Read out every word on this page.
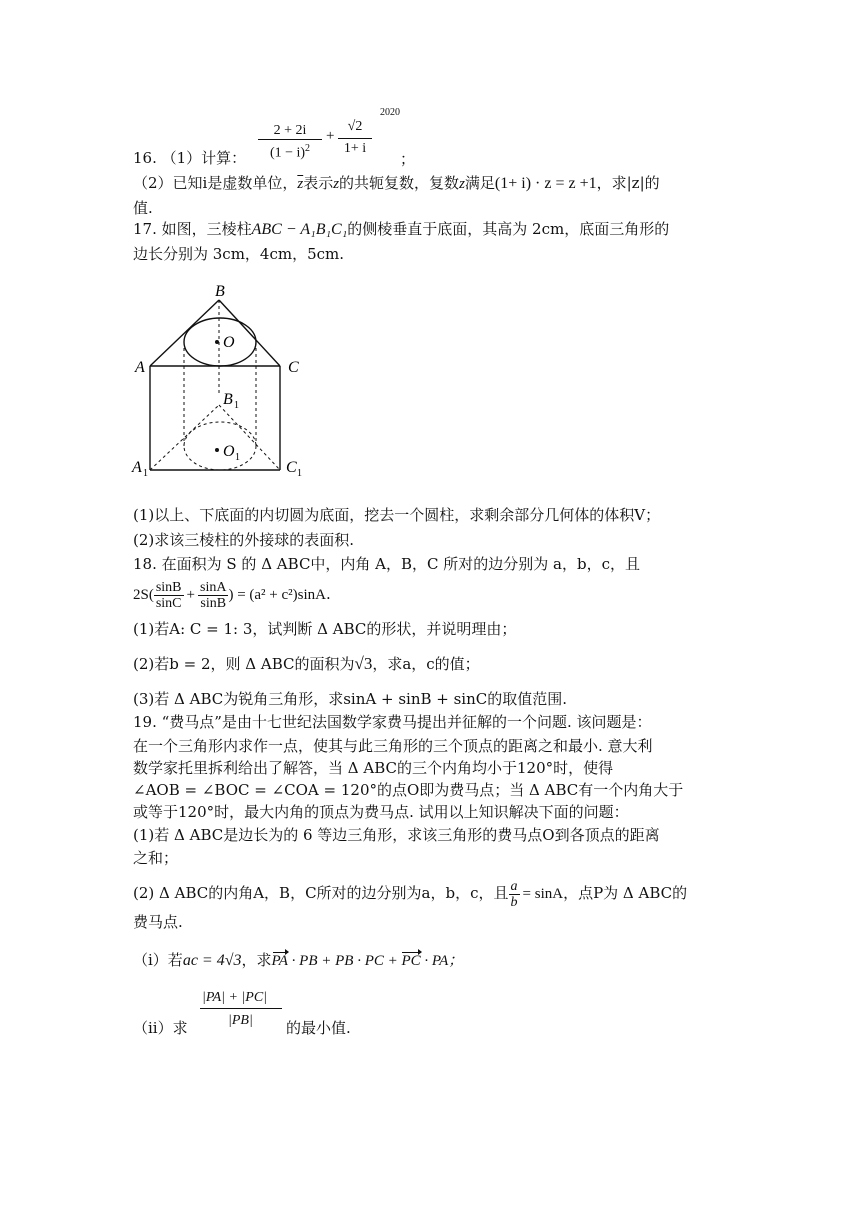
16. （1）计算：
2 + 2i
$(1 - i)^2$
+ $\frac{√2}{1+ i}$
2020
；
（2）已知i是虚数单位，$\overline{z}$表示z的共轭复数，复数z满足(1+ i) · z = z +1，求|z|的
值.
17. 如图，三棱柱ABC − A₁B₁C₁的侧棱垂直于底面，其高为 2cm，底面三角形的
边长分别为 3cm，4cm，5cm.
B
A	C
O
B 1
O 1
A 1	C 1
(1)以上、下底面的内切圆为底面，挖去一个圆柱，求剩余部分几何体的体积V；
(2)求该三棱柱的外接球的表面积.
18. 在面积为 S 的 Δ ABC中，内角 A，B，C 所对的边分别为 a，b，c，且
$2S( \frac{\sin B}{\sin C} + \frac{\sin A}{\sin B}$ ) = (a² + c²)sinA.
(1)若A: C = 1: 3，试判断 Δ ABC的形状，并说明理由；
(2)若b = 2，则 Δ ABC的面积为√3，求a，c的值；
(3)若 Δ ABC为锐角三角形，求sinA + sinB + sinC的取值范围.
19. “费马点”是由十七世纪法国数学家费马提出并征解的一个问题. 该问题是：
在一个三角形内求作一点，使其与此三角形的三个顶点的距离之和最小. 意大利
数学家托里拆利给出了解答，当 Δ ABC的三个内角均小于120°时，使得
∠AOB = ∠BOC = ∠COA = 120°的点O即为费马点；当 Δ ABC有一个内角大于
或等于120°时，最大内角的顶点为费马点. 试用以上知识解决下面的问题：
(1)若 Δ ABC是边长为的 6 等边三角形，求该三角形的费马点O到各顶点的距离
之和；
(2) Δ ABC的内角A，B，C所对的边分别为a，b，c，且 $\frac{a}{b} = \sin A$，点P为 Δ ABC的
费马点.
（i）若ac = 4√3，求PA · PB + PB · PC + PC · PA；
|PA| + |PC|
（ii）求	|PB| 的最小值.
